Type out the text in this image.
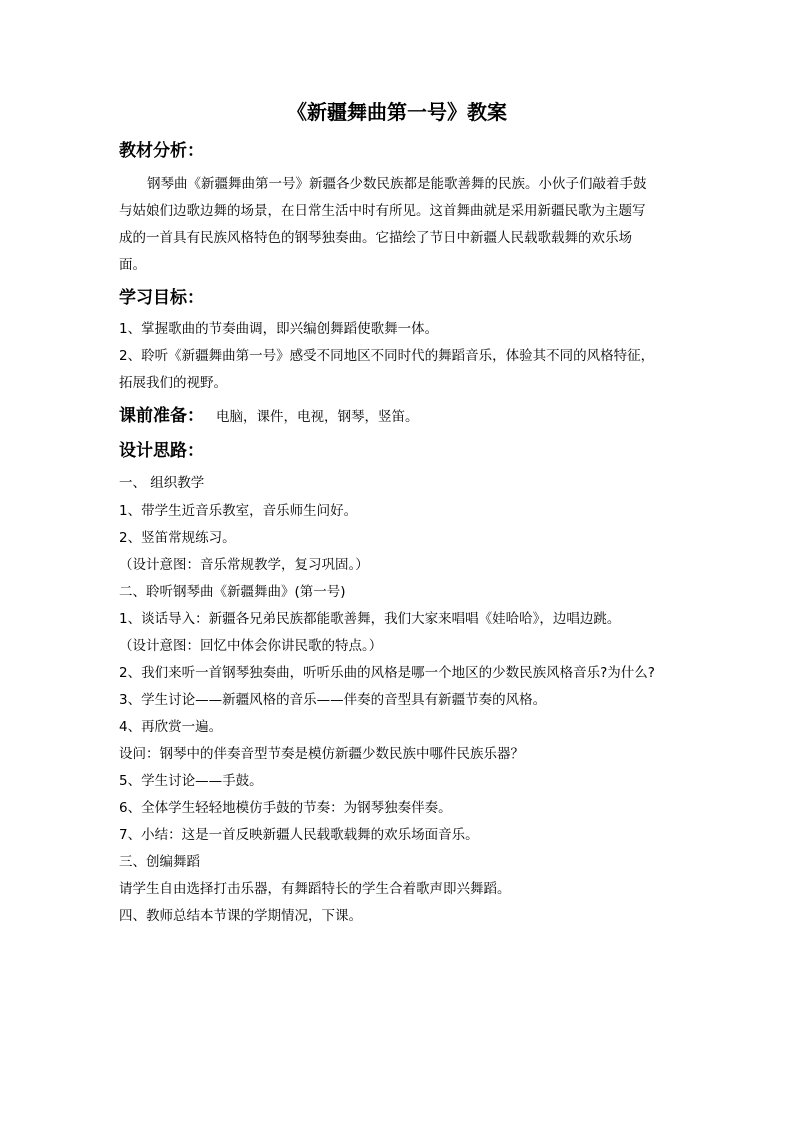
《新疆舞曲第一号》教案
教材分析：
钢琴曲《新疆舞曲第一号》新疆各少数民族都是能歌善舞的民族。小伙子们敲着手鼓
与姑娘们边歌边舞的场景，在日常生活中时有所见。这首舞曲就是采用新疆民歌为主题写
成的一首具有民族风格特色的钢琴独奏曲。它描绘了节日中新疆人民载歌载舞的欢乐场
面。
学习目标：
1、掌握歌曲的节奏曲调，即兴编创舞蹈使歌舞一体。
2、聆听《新疆舞曲第一号》感受不同地区不同时代的舞蹈音乐，体验其不同的风格特征，
拓展我们的视野。
课前准备： 电脑，课件，电视，钢琴，竖笛。
设计思路：
一、 组织教学
1、带学生近音乐教室，音乐师生问好。
2、竖笛常规练习。
（设计意图：音乐常规教学，复习巩固。）
二、聆听钢琴曲《新疆舞曲》(第一号)
1、谈话导入：新疆各兄弟民族都能歌善舞，我们大家来唱唱《娃哈哈》，边唱边跳。
（设计意图：回忆中体会你讲民歌的特点。）
2、我们来听一首钢琴独奏曲，听听乐曲的风格是哪一个地区的少数民族风格音乐?为什么?
3、学生讨论——新疆风格的音乐——伴奏的音型具有新疆节奏的风格。
4、再欣赏一遍。
设问：钢琴中的伴奏音型节奏是模仿新疆少数民族中哪件民族乐器？
5、学生讨论——手鼓。
6、全体学生轻轻地模仿手鼓的节奏：为钢琴独奏伴奏。
7、小结：这是一首反映新疆人民载歌载舞的欢乐场面音乐。
三、创编舞蹈
请学生自由选择打击乐器，有舞蹈特长的学生合着歌声即兴舞蹈。
四、教师总结本节课的学期情况，下课。
